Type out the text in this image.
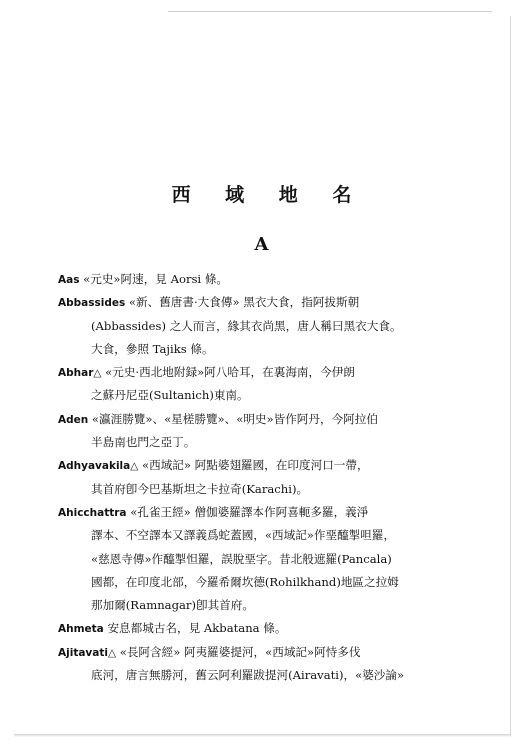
西 域 地 名
A
Aas «元史»阿速，見 Aorsi 條。
Abbassides «新、舊唐書·大食傳» 黑衣大食，指阿拔斯朝
(Abbassides) 之人而言，緣其衣尚黑，唐人稱曰黑衣大食。
大食，參照 Tajiks 條。
Abhar△ «元史·西北地附録»阿八哈耳，在裏海南，今伊朗
之蘇丹尼亞(Sultanich)東南。
Aden «瀛涯勝覽»、«星槎勝覽»、«明史»皆作阿丹，今阿拉伯
半島南也門之亞丁。
Adhyavakila△ «西域記» 阿點婆翅羅國，在印度河口一帶，
其首府卽今巴基斯坦之卡拉奇(Karachi)。
Ahicchattra «孔雀王經» 僧伽婆羅譯本作阿喜軛多羅，義淨
譯本、不空譯本又譯義爲蛇蓋國，«西域記»作堊醯掣呾羅，
«慈恩寺傳»作醯掣怛羅，誤脫堊字。昔北般遮羅(Pancala)
國都，在印度北部，今羅希爾坎德(Rohilkhand)地區之拉姆
那加爾(Ramnagar)卽其首府。
Ahmeta 安息都城古名，見 Akbatana 條。
Ajitavati△ «長阿含經» 阿夷羅婆提河，«西域記»阿恃多伐
底河，唐言無勝河，舊云阿利羅跋提河(Airavati)，«婆沙論»
